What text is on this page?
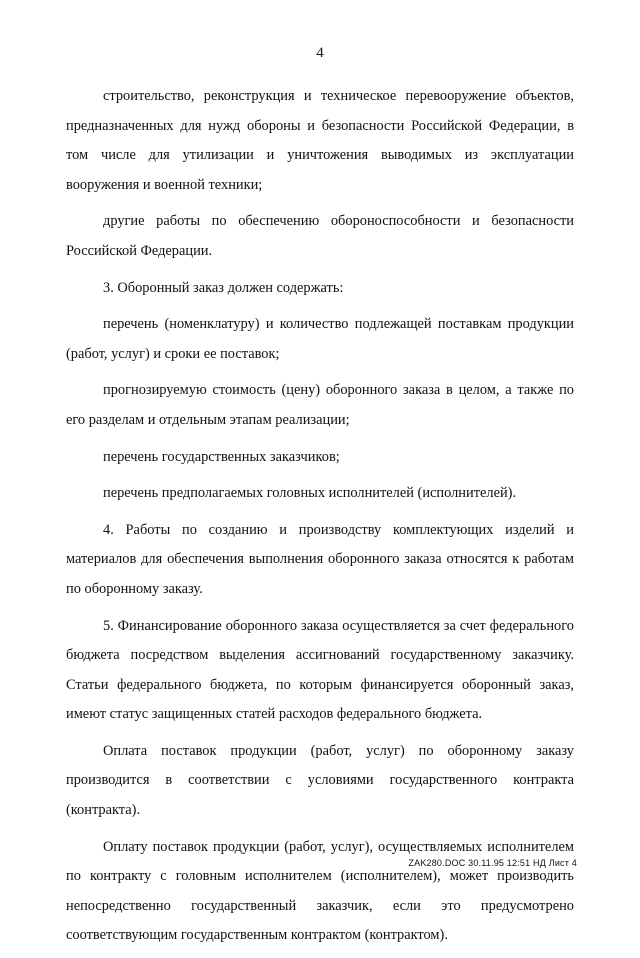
4

строительство, реконструкция и техническое перевооружение объектов, предназначенных для нужд обороны и безопасности Российской Федерации, в том числе для утилизации и уничтожения выводимых из эксплуатации вооружения и военной техники;

другие работы по обеспечению обороноспособности и безопасности Российской Федерации.

3. Оборонный заказ должен содержать:

перечень (номенклатуру) и количество подлежащей поставкам продукции (работ, услуг) и сроки ее поставок;

прогнозируемую стоимость (цену) оборонного заказа в целом, а также по его разделам и отдельным этапам реализации;

перечень государственных заказчиков;

перечень предполагаемых головных исполнителей (исполнителей).

4. Работы по созданию и производству комплектующих изделий и материалов для обеспечения выполнения оборонного заказа относятся к работам по оборонному заказу.

5. Финансирование оборонного заказа осуществляется за счет федерального бюджета посредством выделения ассигнований государственному заказчику. Статьи федерального бюджета, по которым финансируется оборонный заказ, имеют статус защищенных статей расходов федерального бюджета.

Оплата поставок продукции (работ, услуг) по оборонному заказу производится в соответствии с условиями государственного контракта (контракта).

Оплату поставок продукции (работ, услуг), осуществляемых исполнителем по контракту с головным исполнителем (исполнителем), может производить непосредственно государственный заказчик, если это предусмотрено соответствующим государственным контрактом (контрактом).

ZAK280.DOC 30.11.95 12:51 НД Лист 4
